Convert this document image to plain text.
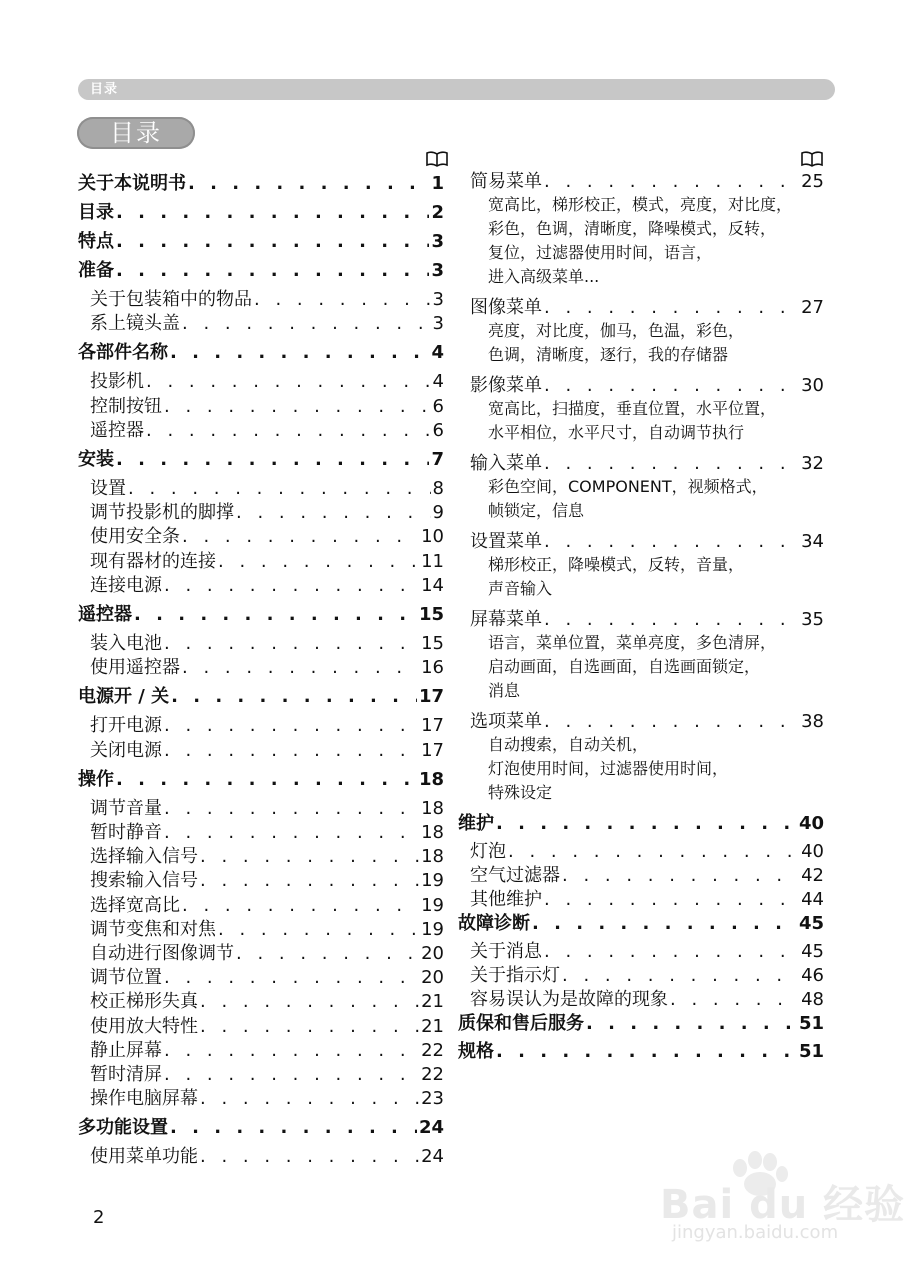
目录
目录
关于本说明书 . . .	1
目录 . . .	2
特点 . . .	3
准备 . . .	3
关于包装箱中的物品 . . .	3
系上镜头盖 . . .	3
各部件名称 . . .	4
投影机 . . .	4
控制按钮 . . .	6
遥控器 . . .	6
安装 . . .	7
设置 . . .	8
调节投影机的脚撑 . . .	9
使用安全条 . . .	10
现有器材的连接 . . .	11
连接电源 . . .	14
遥控器 . . .	15
装入电池 . . .	15
使用遥控器 . . .	16
电源开 / 关 . . .	17
打开电源 . . .	17
关闭电源 . . .	17
操作 . . .	18
调节音量 . . .	18
暂时静音 . . .	18
选择输入信号 . . .	18
搜索输入信号 . . .	19
选择宽高比 . . .	19
调节变焦和对焦 . . .	19
自动进行图像调节 . . .	20
调节位置 . . .	20
校正梯形失真 . . .	21
使用放大特性 . . .	21
静止屏幕 . . .	22
暂时清屏 . . .	22
操作电脑屏幕 . . .	23
多功能设置 . . .	24
使用菜单功能 . . .	24
简易菜单 . . .	25
宽高比，梯形校正，模式，亮度，对比度，
彩色，色调，清晰度，降噪模式，反转，
复位，过滤器使用时间，语言，
进入高级菜单...
图像菜单 . . .	27
亮度，对比度，伽马，色温，彩色，
色调，清晰度，逐行，我的存储器
影像菜单 . . .	30
宽高比，扫描度，垂直位置，水平位置，
水平相位，水平尺寸，自动调节执行
输入菜单 . . .	32
彩色空间，COMPONENT，视频格式，
帧锁定，信息
设置菜单 . . .	34
梯形校正，降噪模式，反转，音量，
声音输入
屏幕菜单 . . .	35
语言，菜单位置，菜单亮度，多色清屏，
启动画面，自选画面，自选画面锁定，
消息
选项菜单 . . .	38
自动搜索，自动关机，
灯泡使用时间，过滤器使用时间，
特殊设定
维护 . . .	40
灯泡 . . .	40
空气过滤器 . . .	42
其他维护 . . .	44
故障诊断 . . .	45
关于消息 . . .	45
关于指示灯 . . .	46
容易误认为是故障的现象 . . .	48
质保和售后服务 . . .	51
规格 . . .	51
2	Bai du 经验
jingyan.baidu.com
